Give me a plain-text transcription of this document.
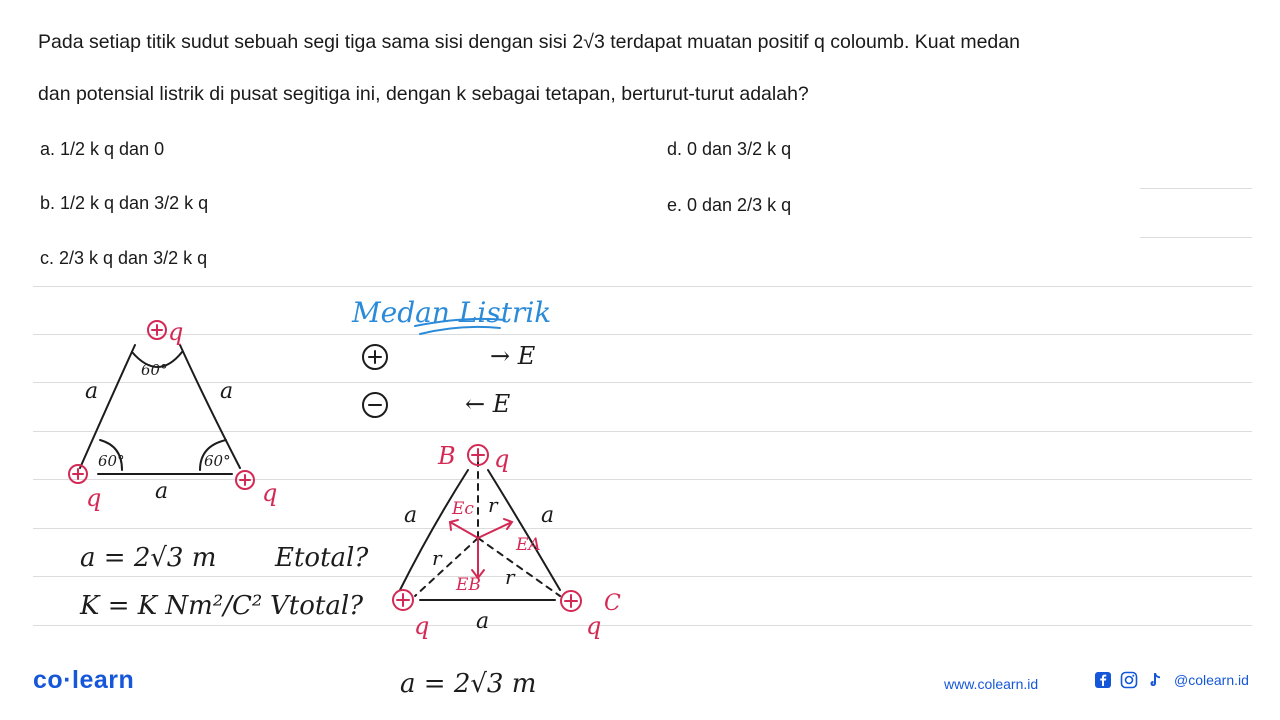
Pada setiap titik sudut sebuah segi tiga sama sisi dengan sisi 2√3 terdapat muatan positif q coloumb. Kuat medan
dan potensial listrik di pusat segitiga ini, dengan k sebagai tetapan, berturut-turut adalah?
a. 1/2 k q dan 0
b. 1/2 k q dan 3/2 k q
c. 2/3 k q dan 3/2 k q
d. 0 dan 3/2 k q
e. 0 dan 2/3 k q
q
q	q
60°
60°	60°
a	a
a
a = 2√3 m
K = K Nm²/C²
Etotal?
Vtotal?
Medan Listrik
→ E
← E
B q
q	q
C
a	a
a
r
r
r
Ec
EA
EB
a = 2√3 m
co·learn	www.colearn.id	@colearn.id
